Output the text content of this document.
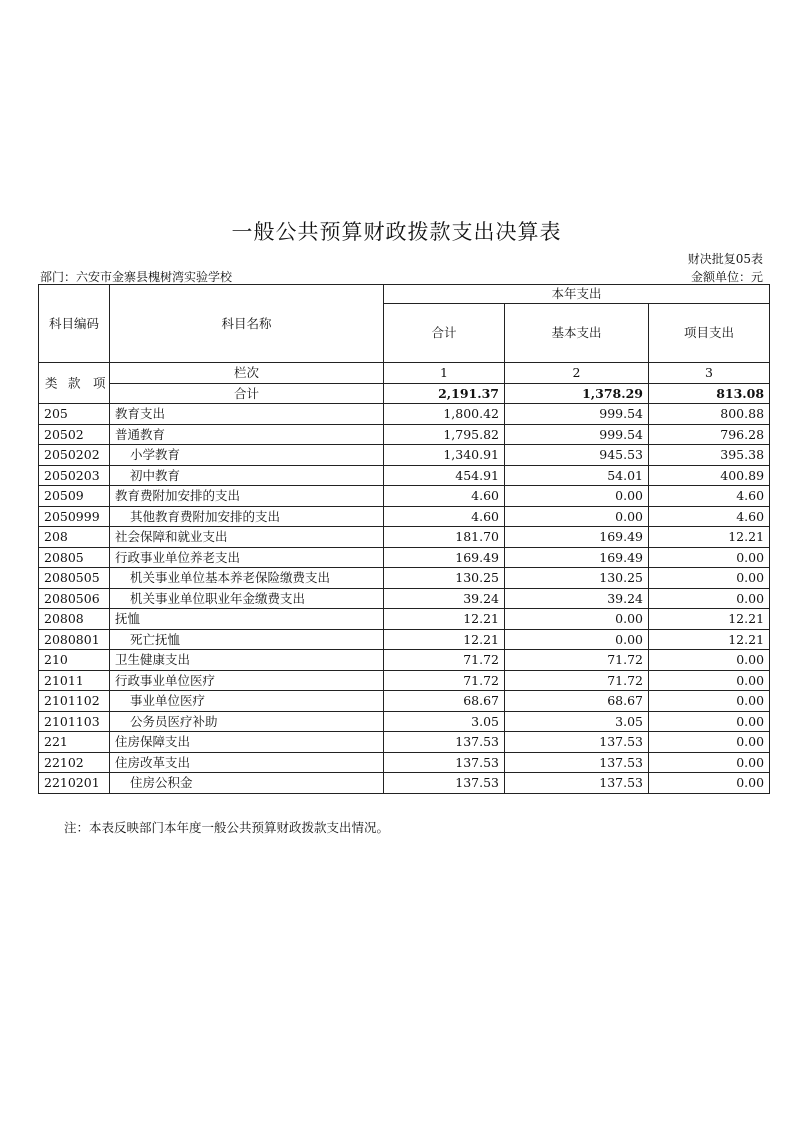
一般公共预算财政拨款支出决算表
财决批复05表
部门：六安市金寨县槐树湾实验学校	金额单位：元
科目编码	科目名称	本年支出		
		合计	基本支出	项目支出

类 款 项	栏次	1	2	3
	合计	2,191.37	1,378.29	813.08
205	教育支出	1,800.42	999.54	800.88
20502	普通教育	1,795.82	999.54	796.28
2050202	小学教育	1,340.91	945.53	395.38
2050203	初中教育	454.91	54.01	400.89
20509	教育费附加安排的支出	4.60	0.00	4.60
2050999	其他教育费附加安排的支出	4.60	0.00	4.60
208	社会保障和就业支出	181.70	169.49	12.21
20805	行政事业单位养老支出	169.49	169.49	0.00
2080505	机关事业单位基本养老保险缴费支出	130.25	130.25	0.00
2080506	机关事业单位职业年金缴费支出	39.24	39.24	0.00
20808	抚恤	12.21	0.00	12.21
2080801	死亡抚恤	12.21	0.00	12.21
210	卫生健康支出	71.72	71.72	0.00
21011	行政事业单位医疗	71.72	71.72	0.00
2101102	事业单位医疗	68.67	68.67	0.00
2101103	公务员医疗补助	3.05	3.05	0.00
221	住房保障支出	137.53	137.53	0.00
22102	住房改革支出	137.53	137.53	0.00
2210201	住房公积金	137.53	137.53	0.00
注：本表反映部门本年度一般公共预算财政拨款支出情况。
